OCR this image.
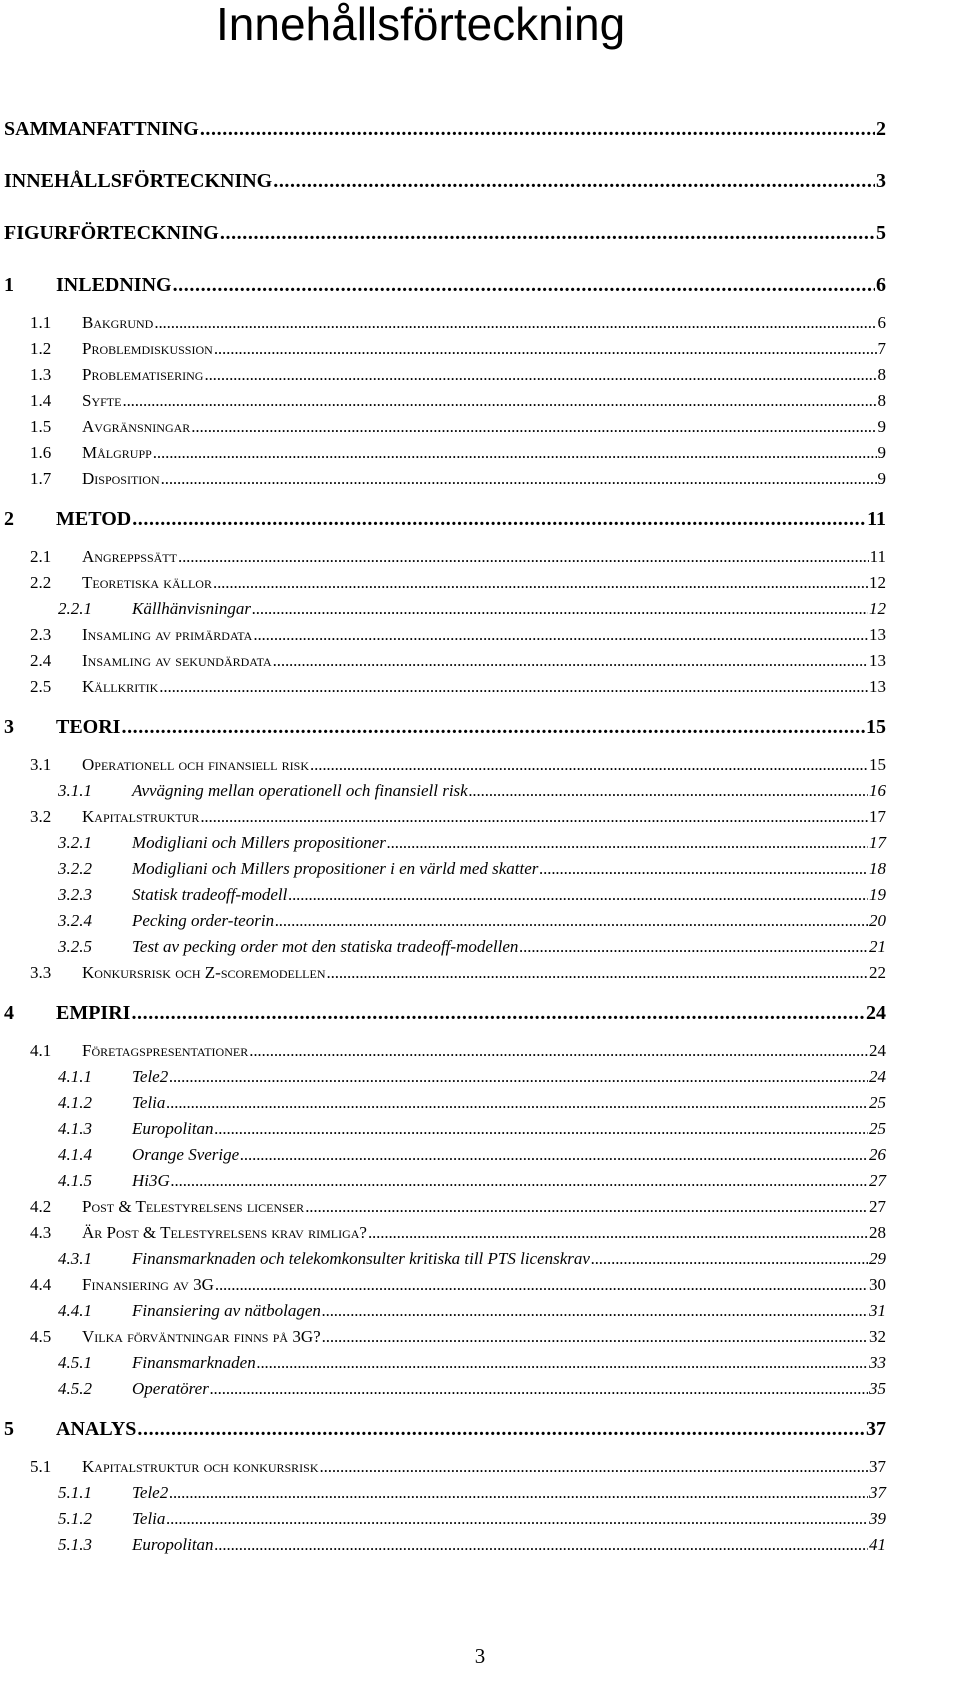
Innehållsförteckning
SAMMANFATTNING . . .	2
INNEHÅLLSFÖRTECKNING . . .	3
FIGURFÖRTECKNING . . .	5
1	INLEDNING . . .	6
1.1	Bakgrund . . .	6
1.2	Problemdiskussion . . .	7
1.3	Problematisering . . .	8
1.4	Syfte . . .	8
1.5	Avgränsningar . . .	9
1.6	Målgrupp . . .	9
1.7	Disposition . . .	9
2	METOD . . .	11
2.1	Angreppssätt . . .	11
2.2	Teoretiska källor . . .	12
2.2.1	Källhänvisningar . . .	12
2.3	Insamling av primärdata . . .	13
2.4	Insamling av sekundärdata . . .	13
2.5	Källkritik . . .	13
3	TEORI . . .	15
3.1	Operationell och finansiell risk . . .	15
3.1.1	Avvägning mellan operationell och finansiell risk . . .	16
3.2	Kapitalstruktur . . .	17
3.2.1	Modigliani och Millers propositioner . . .	17
3.2.2	Modigliani och Millers propositioner i en värld med skatter . . .	18
3.2.3	Statisk tradeoff-modell . . .	19
3.2.4	Pecking order-teorin . . .	20
3.2.5	Test av pecking order mot den statiska tradeoff-modellen . . .	21
3.3	Konkursrisk och Z-scoremodellen . . .	22
4	EMPIRI . . .	24
4.1	Företagspresentationer . . .	24
4.1.1	Tele2 . . .	24
4.1.2	Telia . . .	25
4.1.3	Europolitan . . .	25
4.1.4	Orange Sverige . . .	26
4.1.5	Hi3G . . .	27
4.2	Post & Telestyrelsens licenser . . .	27
4.3	Är Post & Telestyrelsens krav rimliga? . . .	28
4.3.1	Finansmarknaden och telekomkonsulter kritiska till PTS licenskrav . . .	29
4.4	Finansiering av 3G . . .	30
4.4.1	Finansiering av nätbolagen . . .	31
4.5	Vilka förväntningar finns på 3G? . . .	32
4.5.1	Finansmarknaden . . .	33
4.5.2	Operatörer . . .	35
5	ANALYS . . .	37
5.1	Kapitalstruktur och konkursrisk . . .	37
5.1.1	Tele2 . . .	37
5.1.2	Telia . . .	39
5.1.3	Europolitan . . .	41
3
